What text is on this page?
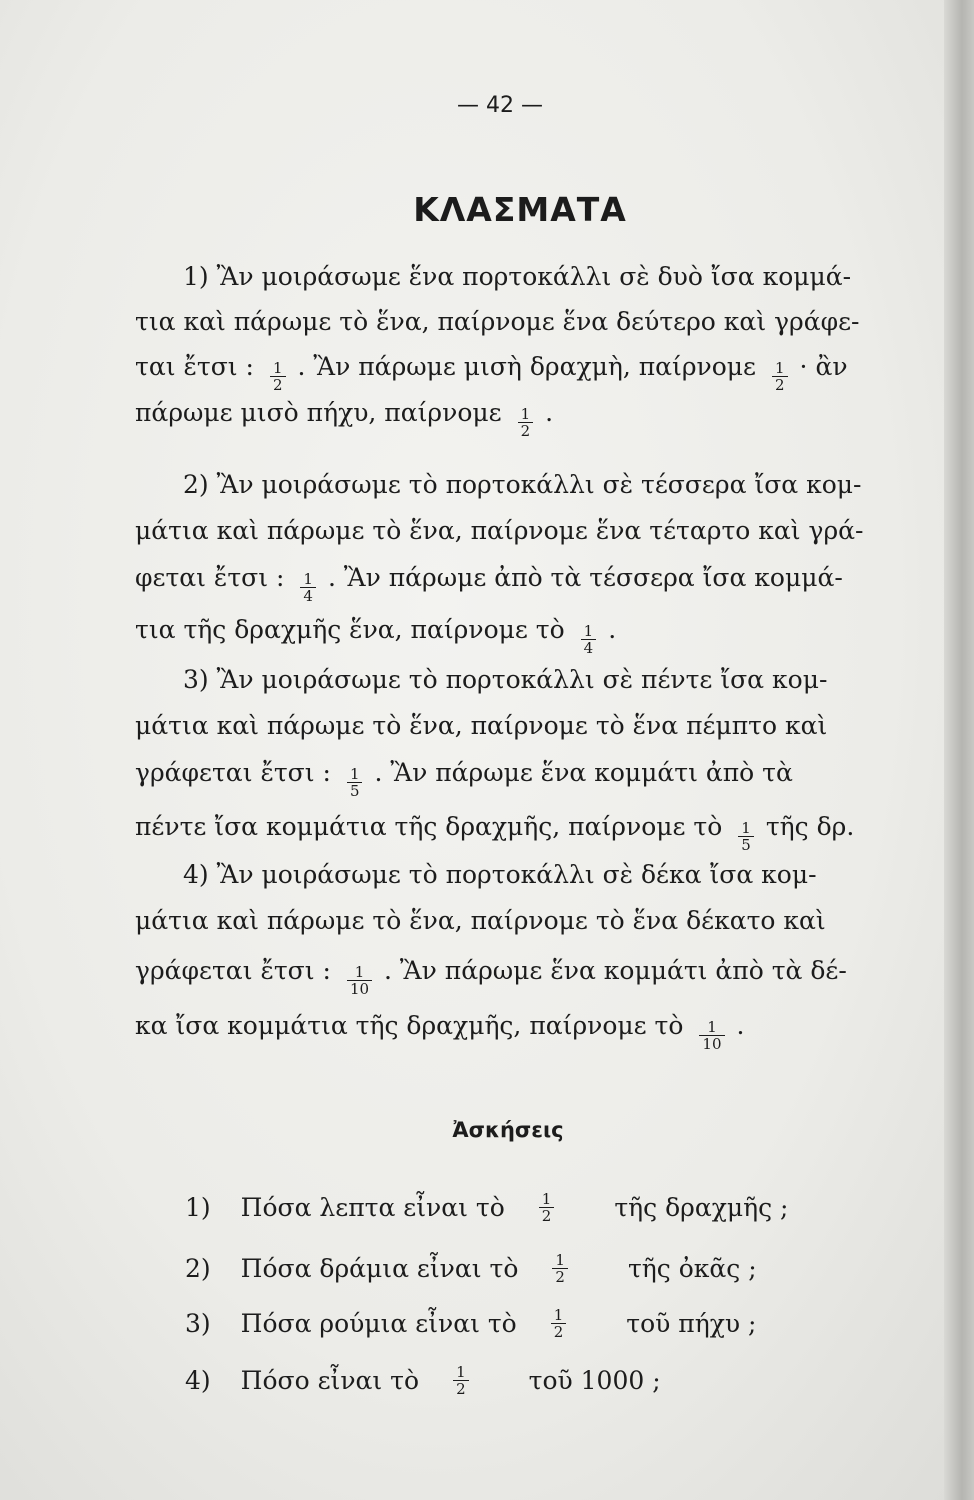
— 42 —
ΚΛΑΣΜΑΤΑ
1) Ἂν μοιράσωμε ἕνα πορτοκάλλι σὲ δυὸ ἴσα κομμά-
τια καὶ πάρωμε τὸ ἕνα, παίρνομε ἕνα δεύτερο καὶ γράφε-
ται ἔτσι : $\frac{1}{2}$ . Ἂν πάρωμε μισὴ δραχμὴ, παίρνομε $\frac{1}{2}$ · ἂν
πάρωμε μισὸ πήχυ, παίρνομε $\frac{1}{2}$ .
2) Ἂν μοιράσωμε τὸ πορτοκάλλι σὲ τέσσερα ἴσα κομ-
μάτια καὶ πάρωμε τὸ ἕνα, παίρνομε ἕνα τέταρτο καὶ γρά-
φεται ἔτσι : $\frac{1}{4}$ . Ἂν πάρωμε ἀπὸ τὰ τέσσερα ἴσα κομμά-
τια τῆς δραχμῆς ἕνα, παίρνομε τὸ $\frac{1}{4}$ .
3) Ἂν μοιράσωμε τὸ πορτοκάλλι σὲ πέντε ἴσα κομ-
μάτια καὶ πάρωμε τὸ ἕνα, παίρνομε τὸ ἕνα πέμπτο καὶ
γράφεται ἔτσι : $\frac{1}{5}$ . Ἂν πάρωμε ἕνα κομμάτι ἀπὸ τὰ
πέντε ἴσα κομμάτια τῆς δραχμῆς, παίρνομε τὸ $\frac{1}{5}$ τῆς δρ.
4) Ἂν μοιράσωμε τὸ πορτοκάλλι σὲ δέκα ἴσα κομ-
μάτια καὶ πάρωμε τὸ ἕνα, παίρνομε τὸ ἕνα δέκατο καὶ
γράφεται ἔτσι : $\frac{1}{10}$ . Ἂν πάρωμε ἕνα κομμάτι ἀπὸ τὰ δέ-
κα ἴσα κομμάτια τῆς δραχμῆς, παίρνομε τὸ $\frac{1}{10}$ .
Ἀσκήσεις
1) Πόσα λεπτα εἶναι τὸ $\frac{1}{2}$ τῆς δραχμῆς ;
2) Πόσα δράμια εἶναι τὸ $\frac{1}{2}$ τῆς ὀκᾶς ;
3) Πόσα ρούμια εἶναι τὸ $\frac{1}{2}$ τοῦ πήχυ ;
4) Πόσο εἶναι τὸ $\frac{1}{2}$ τοῦ 1000 ;
